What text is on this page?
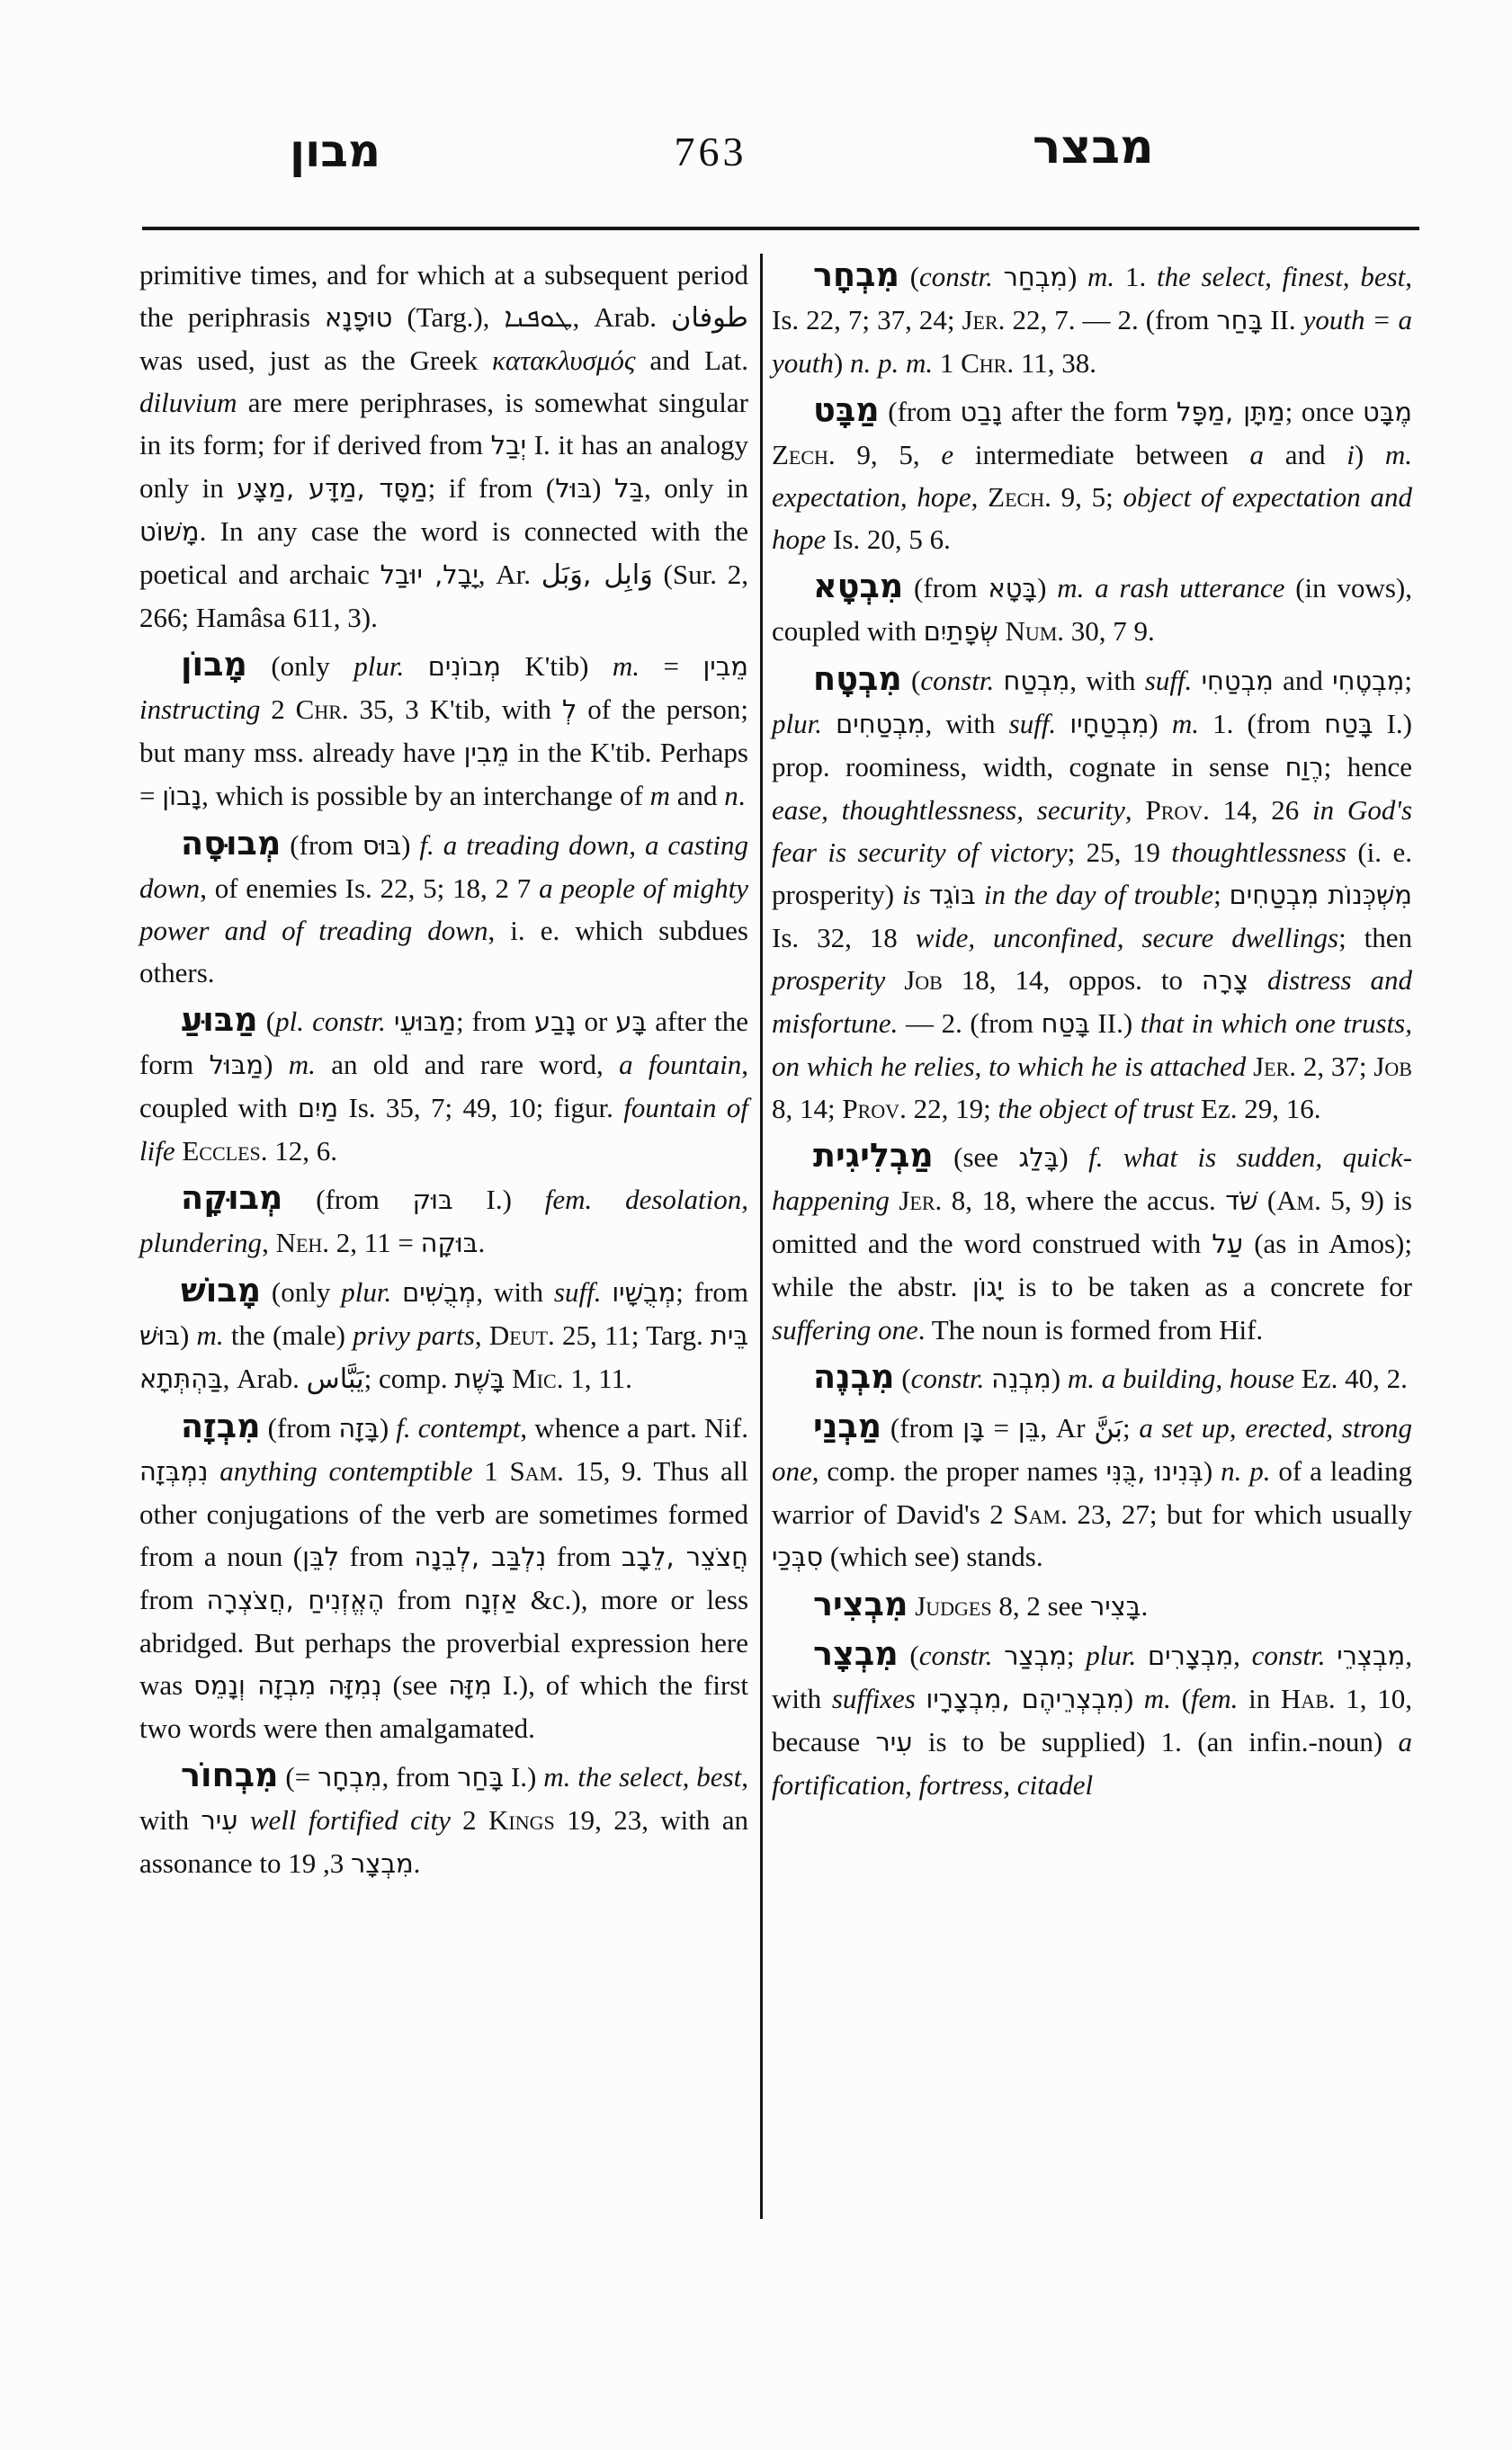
מבון	763	מבצר

primitive times, and for which at a subsequent period the periphrasis טוּפָנָא (Targ.), ܛܘܦܢܐ, Arab. طوفان was used, just as the Greek κατακλυσμός and Lat. diluvium are mere periphrases, is somewhat singular in its form; for if derived from יְבַל I. it has an analogy only in מַצָּע,‎ מַדָּע,‎ מַסָּד; if from	בַּל (בּוּל), only in מָשׁוֹט. In any case the word is connected with the poetical and archaic יָבָל, יוּבַל, Ar. وَبَل,‎ وَابِل (Sur. 2, 266; Hamâsa 611, 3).

מָבוֹן (only plur. מְבוֹנִים K'tib) m. = מֵבִין instructing 2 Chr. 35, 3 K'tib, with לְ of the person; but many mss. already have מֵבִין in the K'tib. Perhaps = נָבוֹן, which is possible by an interchange of m and n.

מְבוּסָה (from בּוּס) f. a treading down, a casting down, of enemies Is. 22, 5; 18, 2 7 a people of mighty power and of treading down, i. e. which subdues others.

מַבּוּעַ (pl. constr. מַבּוּעֵי; from נָבַע or בָּע after the form מַבּוּל) m. an old and rare word, a fountain, coupled with מַיִם Is. 35, 7; 49, 10; figur. fountain of life Eccles. 12, 6.

מְבוּקָה (from בּוּק I.) fem. desolation, plundering, Neh. 2, 11 = בּוּקָה.

מָבוֹשׁ (only plur. מְבֻשִׁים, with suff. מְבֻשָׁיו; from בּוּשׁ) m. the (male) privy parts, Deut. 25, 11; Targ. בֵּית בַּהְתְּתָא, Arab. يَبَّاس; comp. בָּשֶׁת Mic. 1, 11.

מִבְזָה (from בָּזָה) f. contempt, whence a part. Nif. נִמְבְּזָה anything contemptible 1 Sam. 15, 9. Thus all other conjugations of the verb are sometimes formed from a noun (לִבֵּן from לְבֵנָה,‎ נִלְבַּב from לֵבָב,‎ חֲצֹצֵר from חֲצֹצְרָה,‎ הֶאֱזְנִיחַ from אַזְנָח &c.), more or less abridged. But perhaps the proverbial expression here was נְמִזָּה מִבְזָה וְנָמֵס (see מִזָּה I.), of which the first two words were then amalgamated.

מִבְחוֹר (= מִבְחָר, from בָּחַר I.) m. the select, best, with עִיר well fortified city 2 Kings 19, 23, with an assonance to מִבְצָר 3, 19.

מִבְחָר (constr. מִבְחַר) m. 1. the select, finest, best, Is. 22, 7; 37, 24; Jer. 22, 7. — 2. (from בָּחַר II. youth = a youth) n. p. m. 1 Chr. 11, 38.

מַבָּט (from נָבַט after the form מַפָּל,‎ מַתָּן; once מֶבָּט Zech. 9, 5, e intermediate between a and i) m. expectation, hope, Zech. 9, 5; object of expectation and hope Is. 20, 5 6.

מִבְטָא (from בָּטָא) m. a rash utterance (in vows), coupled with שְׂפָתַיִם Num. 30, 7 9.

מִבְטָח (constr. מִבְטַח, with suff. מִבְטַחִי and מִבְטֶחִי; plur. מִבְטַחִים, with suff. מִבְטַחָיו) m. 1. (from בָּטַח I.) prop. roominess, width, cognate in sense רֶוַח; hence ease, thoughtlessness, security, Prov. 14, 26 in God's fear is security of victory; 25, 19 thoughtlessness (i. e. prosperity) is בּוֹגֵד in the day of trouble; מִשְׁכְּנוֹת מִבְטַחִים Is. 32, 18 wide, unconfined, secure dwellings; then prosperity Job 18, 14, oppos. to צָרָה distress and misfortune. — 2. (from בָּטַח II.) that in which one trusts, on which he relies, to which he is attached Jer. 2, 37; Job 8, 14; Prov. 22, 19; the object of trust Ez. 29, 16.

מַבְלִיגִית (see בָּלַג) f. what is sudden, quick-happening Jer. 8, 18, where the accus. שֹׁד (Am. 5, 9) is omitted and the word construed with עַל (as in Amos); while the abstr. יָגוֹן is to be taken as a concrete for suffering one. The noun is formed from Hif.

מִבְנֶה (constr. מִבְנֵה) m. a building, house Ez. 40, 2.

מַבְנַי (from בֵּן = בָּן , Ar بَنَّ; a set up, erected, strong one, comp. the proper names בֻּנִּי,‎ בְּנִינוּ) n. p. of a leading warrior of David's 2 Sam. 23, 27; but for which usually סִבְּכַי (which see) stands.

מִבְצִיר Judges 8, 2 see בָּצִיר.

מִבְצָר (constr. מִבְצַר; plur. מִבְצָרִים, constr. מִבְצְרֵי, with suffixes מִבְצָרָיו,‎ מִבְצְרֵיהֶם) m. (fem. in Hab. 1, 10, because עִיר is to be supplied) 1. (an infin.-noun) a fortification, fortress, citadel
